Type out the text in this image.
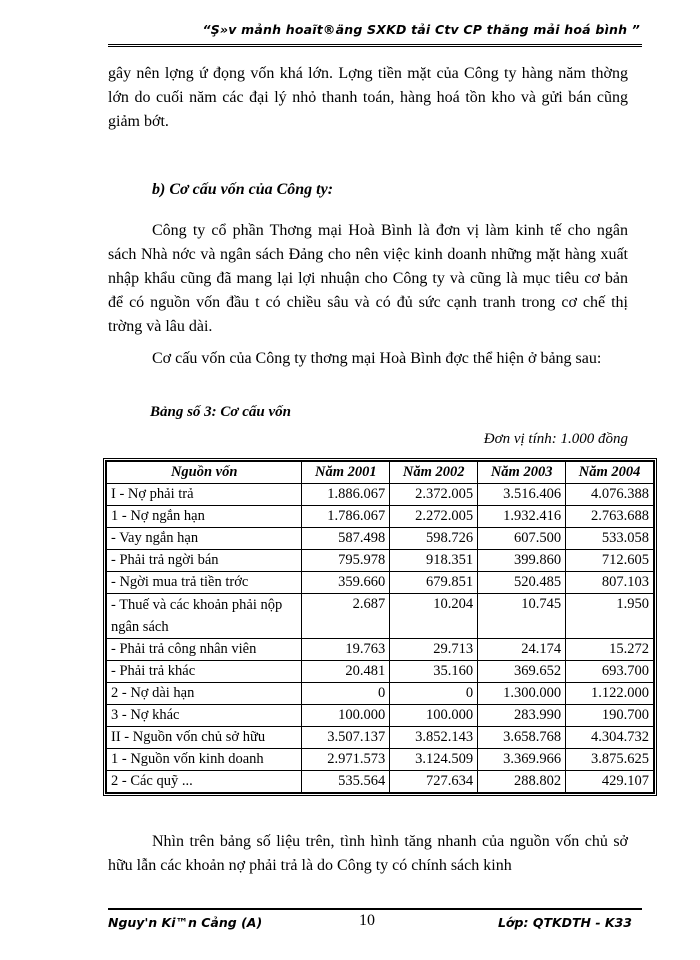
“Ş»v mảnh hoaĩt®äng SXKD tải Ctv CP thăng mải hoá bình ”

gây nên lợng ứ đọng vốn khá lớn. Lợng tiền mặt của Công ty hàng năm thờng lớn do cuối năm các đại lý nhỏ thanh toán, hàng hoá tồn kho và gửi bán cũng giảm bớt.

b) Cơ cấu vốn của Công ty:

Công ty cổ phần Thơng mại Hoà Bình là đơn vị làm kinh tế cho ngân sách Nhà nớc và ngân sách Đảng cho nên việc kinh doanh những mặt hàng xuất nhập khẩu cũng đã mang lại lợi nhuận cho Công ty và cũng là mục tiêu cơ bản để có nguồn vốn đầu t có chiều sâu và có đủ sức cạnh tranh trong cơ chế thị trờng và lâu dài.

Cơ cấu vốn của Công ty thơng mại Hoà Bình đợc thể hiện ở bảng sau:

Bảng số 3: Cơ cấu vốn

Đơn vị tính: 1.000 đồng

Nguồn vốn	Năm 2001	Năm 2002	Năm 2003	Năm 2004
I - Nợ phải trả	1.886.067	2.372.005	3.516.406	4.076.388
1 - Nợ ngắn hạn	1.786.067	2.272.005	1.932.416	2.763.688
- Vay ngắn hạn	587.498	598.726	607.500	533.058
- Phải trả ngời bán	795.978	918.351	399.860	712.605
- Ngời mua trả tiền trớc	359.660	679.851	520.485	807.103
- Thuế và các khoản phải nộp ngân sách	2.687	10.204	10.745	1.950
- Phải trả công nhân viên	19.763	29.713	24.174	15.272
- Phải trả khác	20.481	35.160	369.652	693.700
2 - Nợ dài hạn	0	0	1.300.000	1.122.000
3 - Nợ khác	100.000	100.000	283.990	190.700
II - Nguồn vốn chủ sở hữu	3.507.137	3.852.143	3.658.768	4.304.732
1 - Nguồn vốn kinh doanh	2.971.573	3.124.509	3.369.966	3.875.625
2 - Các quỹ ...	535.564	727.634	288.802	429.107

Nhìn trên bảng số liệu trên, tình hình tăng nhanh của nguồn vốn chủ sở hữu lẫn các khoản nợ phải trả là do Công ty có chính sách kinh

Nguy'n Ki™n Cảng (A)	10	Lớp: QTKDTH - K33
